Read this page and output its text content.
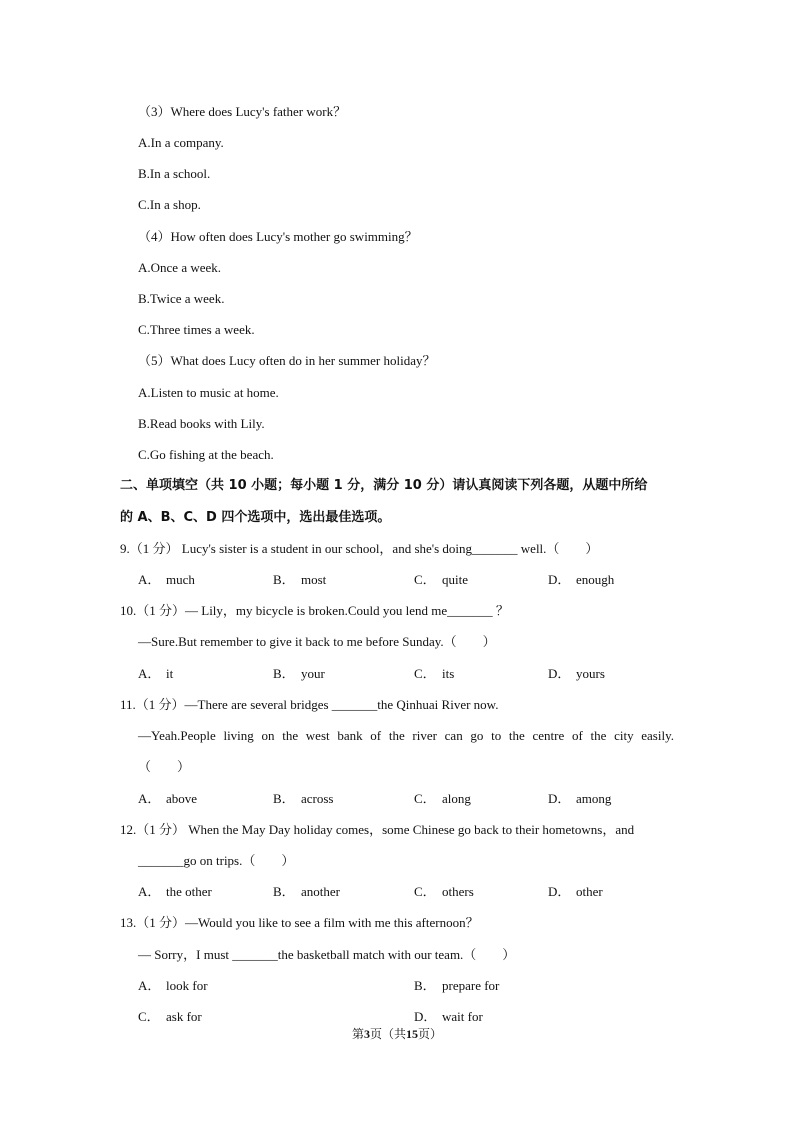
（3）Where does Lucy's father work？
A.In a company.
B.In a school.
C.In a shop.
（4）How often does Lucy's mother go swimming？
A.Once a week.
B.Twice a week.
C.Three times a week.
（5）What does Lucy often do in her summer holiday？
A.Listen to music at home.
B.Read books with Lily.
C.Go fishing at the beach.
二、单项填空（共 10 小题；每小题 1 分，满分 10 分）请认真阅读下列各题，从题中所给
的 A、B、C、D 四个选项中，选出最佳选项。
9.（1 分） Lucy's sister is a student in our school，and she's doing_______ well.（　　）
A． much	B． most	C． quite	D． enough
10.（1 分）— Lily，my bicycle is broken.Could you lend me_______ ？
—Sure.But remember to give it back to me before Sunday.（　　）
A． it	B． your	C． its	D． yours
11.（1 分）—There are several bridges _______the Qinhuai River now.
—Yeah.People living on the west bank of the river can go to the centre of the city easily.
（　　）
A． above	B． across	C． along	D． among
12.（1 分） When the May Day holiday comes，some Chinese go back to their hometowns，and
_______go on trips.（　　）
A． the other	B． another	C． others	D． other
13.（1 分）—Would you like to see a film with me this afternoon？
— Sorry，I must _______the basketball match with our team.（　　）
A． look for	B． prepare for
C． ask for	D． wait for
第3页（共15页）
